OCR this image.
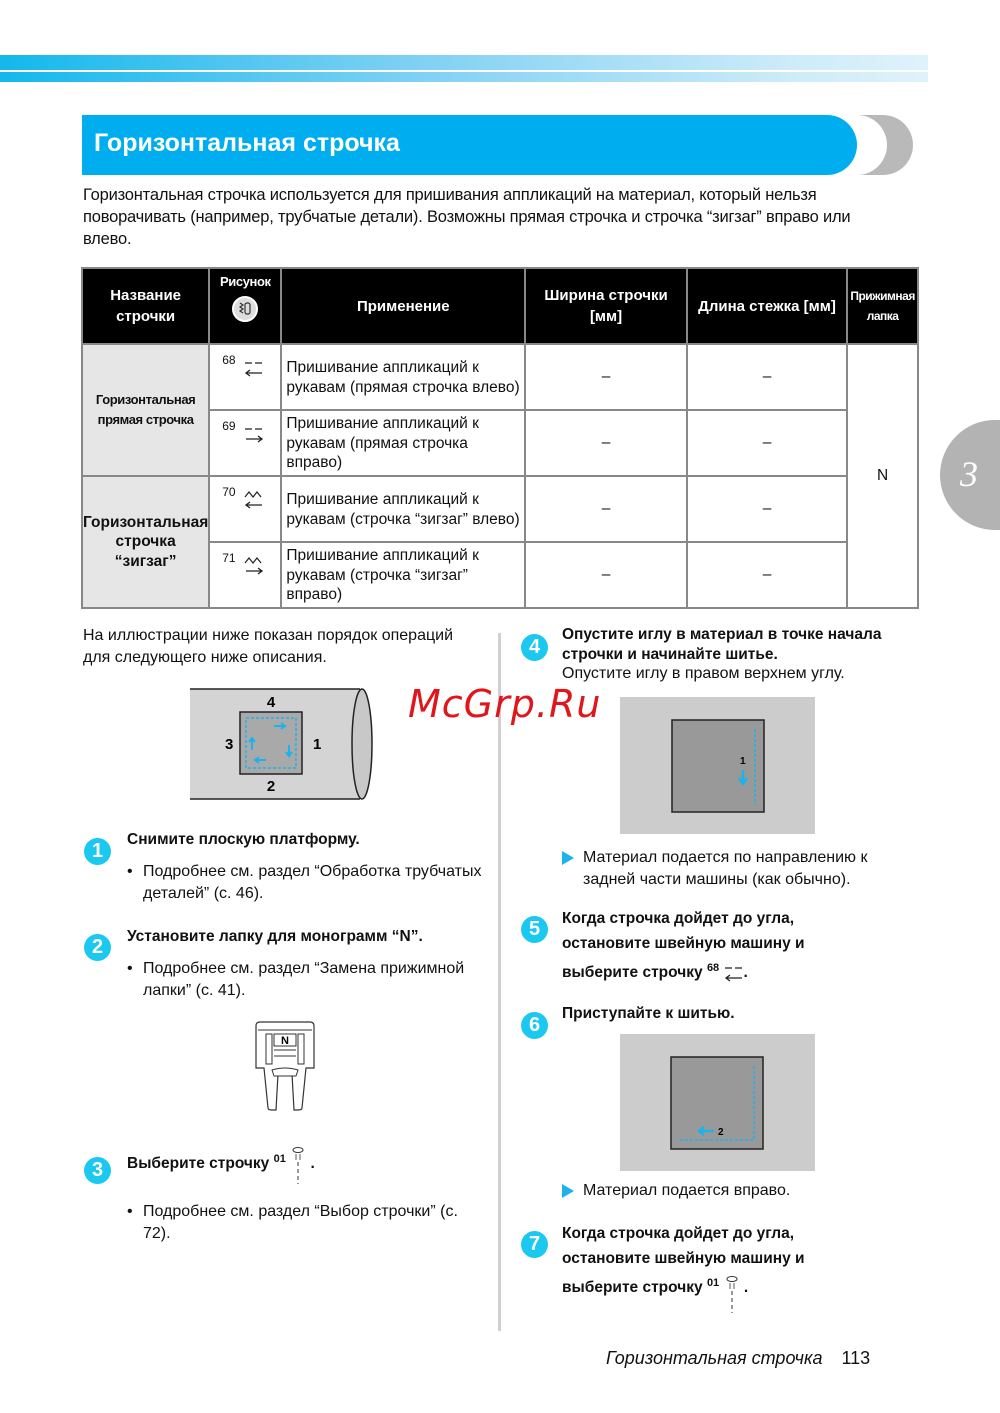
Горизонтальная строчка

Горизонтальная строчка используется для пришивания аппликаций на материал, который нельзя поворачивать (например, трубчатые детали). Возможны прямая строчка и строчка “зигзаг” вправо или влево.

Название строчки	Рисунок	Применение	Ширина строчки [мм]	Длина стежка [мм]	Прижимная лапка
Горизонтальная прямая строчка	68	Пришивание аппликаций к рукавам (прямая строчка влево)	–	–	N

	69	Пришивание аппликаций к рукавам (прямая строчка вправо)	–	–	
Горизонтальная строчка “зигзаг”	70	Пришивание аппликаций к рукавам (строчка “зигзаг” влево)	–	–	

	71	Пришивание аппликаций к рукавам (строчка “зигзаг” вправо)	–	–	
3

На иллюстрации ниже показан порядок операций для следующего ниже описания.

4
1
2
3
1

Снимите плоскую платформу.

• Подробнее см. раздел “Обработка трубчатых деталей” (с. 46).
2	Установите лапку для монограмм “N”.

• Подробнее см. раздел “Замена прижимной лапки” (с. 41).
N
3	Выберите строчку $^{01}$ .

• Подробнее см. раздел “Выбор строчки” (с. 72).
4

Опустите иглу в материал в точке начала строчки и начинайте шитье.

Опустите иглу в правом верхнем углу.

1
Материал подается по направлению к задней части машины (как обычно).
5	Когда строчка дойдет до угла, остановите швейную машину и выберите строчку $^{68}$ .

6

Приступайте к шитью.

2
Материал подается вправо.
7	Когда строчка дойдет до угла, остановите швейную машину и выберите строчку $^{01}$ .

McGrp.Ru
Горизонтальная строчка 113
